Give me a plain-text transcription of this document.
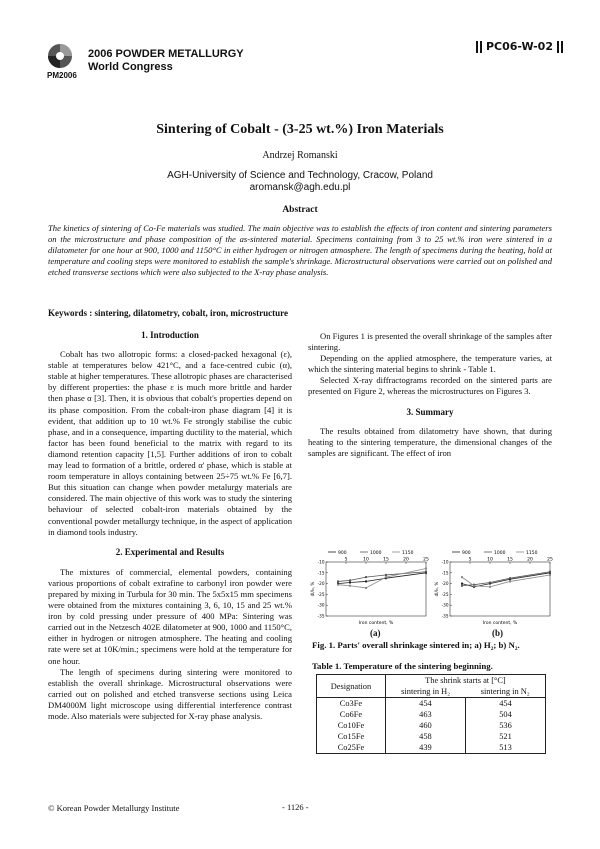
PM2006
2006 POWDER METALLURGY
World Congress
PC06-W-02
Sintering of Cobalt - (3-25 wt.%) Iron Materials
Andrzej Romanski
AGH-University of Science and Technology, Cracow, Poland
aromansk@agh.edu.pl
Abstract
The kinetics of sintering of Co-Fe materials was studied. The main objective was to establish the effects of iron content and sintering parameters on the microstructure and phase composition of the as-sintered material. Specimens containing from 3 to 25 wt.% iron were sintered in a dilatometer for one hour at 900, 1000 and 1150°C in either hydrogen or nitrogen atmosphere. The length of specimens during the heating, hold at temperature and cooling steps were monitored to establish the sample's shrinkage. Microstructural observations were carried out on polished and etched transverse sections which were also subjected to the X-ray phase analysis.
Keywords : sintering, dilatometry, cobalt, iron, microstructure
1. Introduction

Cobalt has two allotropic forms: a closed-packed hexagonal (ε), stable at temperatures below 421°C, and a face-centred cubic (α), stable at higher temperatures. These allotropic phases are characterised by different properties: the phase ε is much more brittle and harder then phase α [3]. Then, it is obvious that cobalt's properties depend on its phase composition. From the cobalt-iron phase diagram [4] it is evident, that addition up to 10 wt.% Fe strongly stabilise the cubic phase, and in a consequence, imparting ductility to the material, which factor has been found beneficial to the matrix with regard to its diamond retention capacity [1,5]. Further additions of iron to cobalt may lead to formation of a brittle, ordered α' phase, which is stable at room temperature in alloys containing between 25÷75 wt.% Fe [6,7]. But this situation can change when powder metalurgy materials are considered. The main objective of this work was to study the sintering behaviour of selected cobalt-iron materials obtained by the conventional powder metallurgy technique, in the aspect of application in diamond tools industry.

2. Experimental and Results

The mixtures of commercial, elemental powders, containing various proportions of cobalt extrafine to carbonyl iron powder were prepared by mixing in Turbula for 30 min. The 5x5x15 mm specimens were obtained from the mixtures containing 3, 6, 10, 15 and 25 wt.% iron by cold pressing under pressure of 400 MPa: Sintering was carried out in the Netzesch 402E dilatometer at 900, 1000 and 1150°C, either in hydrogen or nitrogen atmosphere. The heating and cooling rate were set at 10K/min.; specimens were hold at the temperature for one hour.

The length of specimens during sintering were monitored to establish the overall shrinkage. Microstructural observations were carried out on polished and etched transverse sections using Leica DM4000M light microscope using differential interference contrast mode. Also materials were subjected for X-ray phase analysis.

On Figures 1 is presented the overall shrinkage of the samples after sintering.

Depending on the applied atmosphere, the temperature varies, at which the sintering material begins to shrink - Table 1.

Selected X-ray diffractograms recorded on the sintered parts are presented on Figure 2, whereas the microstructures on Figures 3.

3. Summary

The results obtained from dilatometry have shown, that during heating to the sintering temperature, the dimensional changes of the samples are significant. The effect of iron

900	1000	1150
5	10	15	20	25
-10
-15
-20
-25
-30
-35
Iron content, %
dl/l₀, %
900	1000	1150
5	10	15	20	25
-10
-15
-20
-25
-30
-35
Iron content, %
dl/l₀, %
(a)	(b)
Fig. 1. Parts' overall shrinkage sintered in; a) H₂; b) N₂.
Table 1. Temperature of the sintering beginning.
Designation	The shrink starts at [°C]	
	sintering in H₂	sintering in N₂
Co3Fe	454	454
Co6Fe	463	504
Co10Fe	460	536
Co15Fe	458	521
Co25Fe	439	513
© Korean Powder Metallurgy Institute	- 1126 -
